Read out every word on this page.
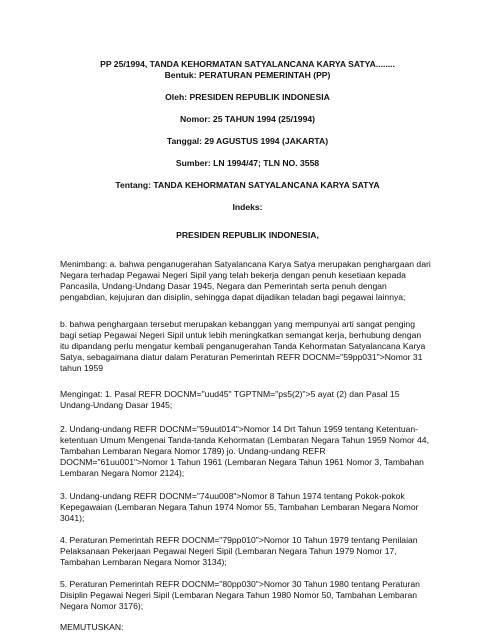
PP 25/1994, TANDA KEHORMATAN SATYALANCANA KARYA SATYA........

Bentuk: PERATURAN PEMERINTAH (PP)

Oleh: PRESIDEN REPUBLIK INDONESIA

Nomor: 25 TAHUN 1994 (25/1994)

Tanggal: 29 AGUSTUS 1994 (JAKARTA)

Sumber: LN 1994/47; TLN NO. 3558

Tentang: TANDA KEHORMATAN SATYALANCANA KARYA SATYA

Indeks:

PRESIDEN REPUBLIK INDONESIA,

Menimbang: a. bahwa penganugerahan Satyalancana Karya Satya merupakan penghargaan dari
Negara terhadap Pegawai Negeri Sipil yang telah bekerja dengan penuh kesetiaan kepada
Pancasila, Undang-Undang Dasar 1945, Negara dan Pemerintah serta penuh dengan
pengabdian, kejujuran dan disiplin, sehingga dapat dijadikan teladan bagi pegawai lainnya;
b. bahwa penghargaan tersebut merupakan kebanggan yang mempunyai arti sangat penging
bagi setiap Pegawai Negeri Sipil untuk lebih meningkatkan semangat kerja, berhubung dengan
itu dipandang perlu mengatur kembali penganugerahan Tanda Kehormatan Satyalancana Karya
Satya, sebagaimana diatur dalam Peraturan Pemerintah REFR DOCNM="59pp031">Nomor 31
tahun 1959
Mengingat: 1. Pasal REFR DOCNM="uud45" TGPTNM="ps5(2)">5 ayat (2) dan Pasal 15
Undang-Undang Dasar 1945;
2. Undang-undang REFR DOCNM="59uut014">Nomor 14 Drt Tahun 1959 tentang Ketentuan-
ketentuan Umum Mengenai Tanda-tanda Kehormatan (Lembaran Negara Tahun 1959 Nomor 44,
Tambahan Lembaran Negara Nomor 1789) jo. Undang-undang REFR
DOCNM="61uu001">Nomor 1 Tahun 1961 (Lembaran Negara Tahun 1961 Nomor 3, Tambahan
Lembaran Negara Nomor 2124);
3. Undang-undang REFR DOCNM="74uu008">Nomor 8 Tahun 1974 tentang Pokok-pokok
Kepegawaian (Lembaran Negara Tahun 1974 Nomor 55, Tambahan Lembaran Negara Nomor
3041);
4. Peraturan Pemerintah REFR DOCNM="79pp010">Nomor 10 Tahun 1979 tentang Penilaian
Pelaksanaan Pekerjaan Pegawai Negeri Sipil (Lembaran Negara Tahun 1979 Nomor 17,
Tambahan Lembaran Negara Nomor 3134);
5. Peraturan Pemerintah REFR DOCNM="80pp030">Nomor 30 Tahun 1980 tentang Peraturan
Disiplin Pegawai Negeri Sipil (Lembaran Negara Tahun 1980 Nomor 50, Tambahan Lembaran
Negara Nomor 3176);
MEMUTUSKAN:
